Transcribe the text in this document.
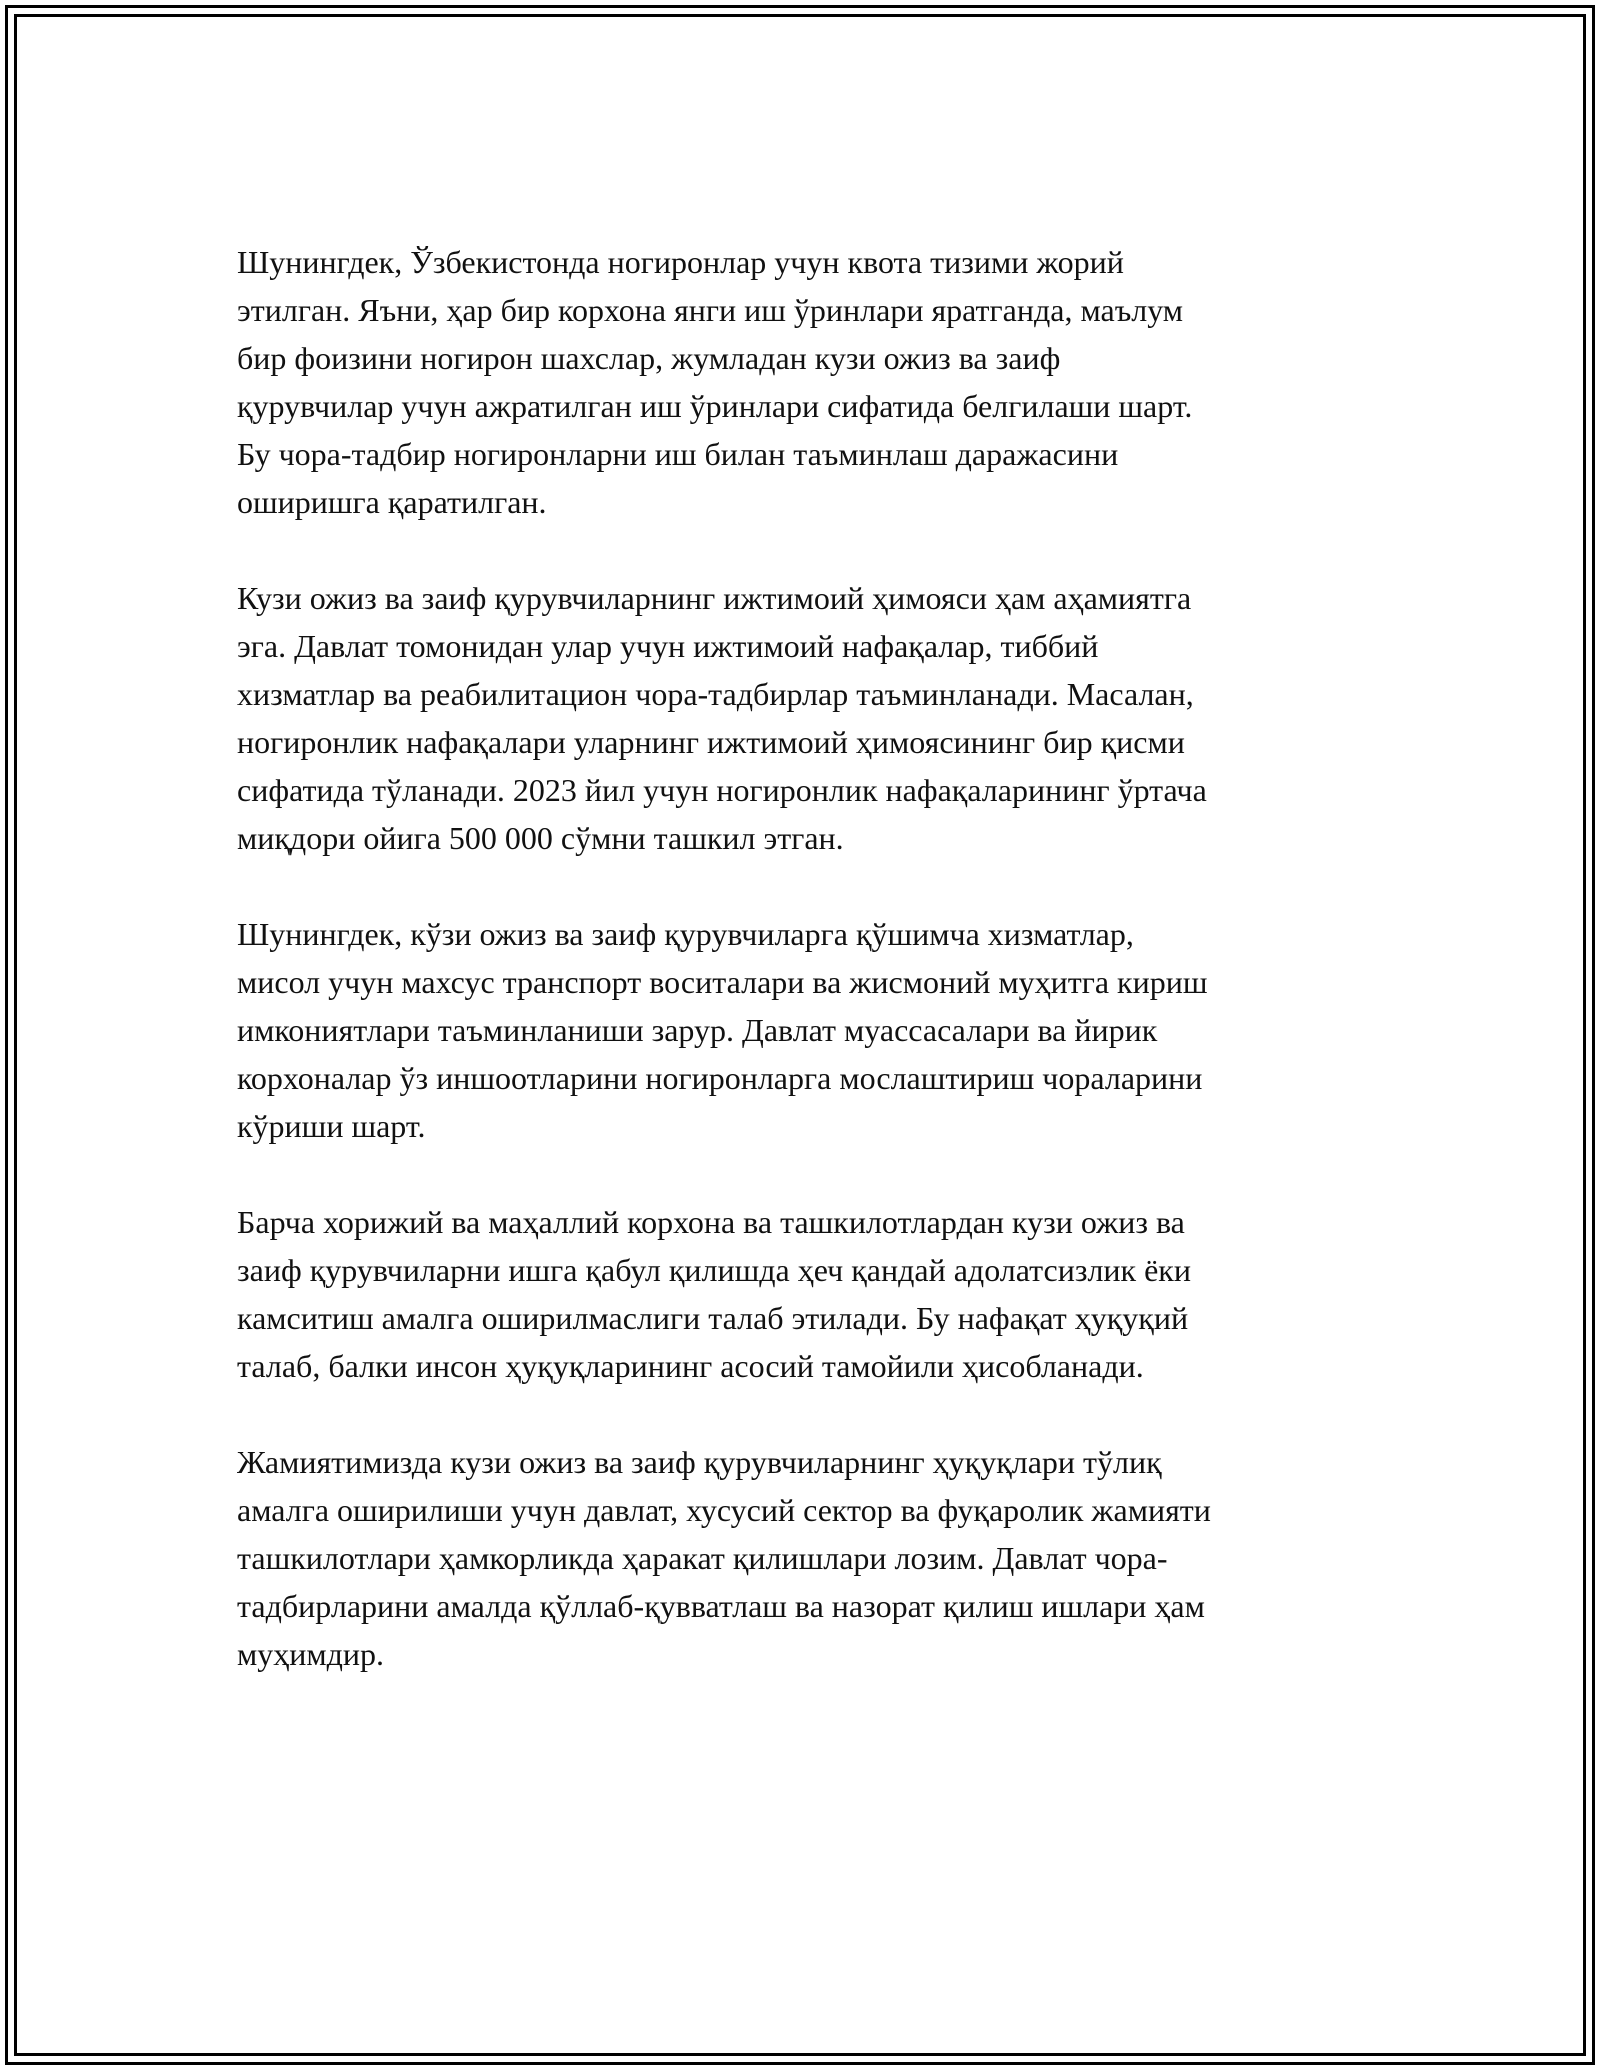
Шунингдек, Ўзбекистонда ногиронлар учун квота тизими жорий
этилган. Яъни, ҳар бир корхона янги иш ўринлари яратганда, маълум
бир фоизини ногирон шахслар, жумладан кузи ожиз ва заиф
қурувчилар учун ажратилган иш ўринлари сифатида белгилаши шарт.
Бу чора-тадбир ногиронларни иш билан таъминлаш даражасини
оширишга қаратилган.

Кузи ожиз ва заиф қурувчиларнинг ижтимоий ҳимояси ҳам аҳамиятга
эга. Давлат томонидан улар учун ижтимоий нафақалар, тиббий
хизматлар ва реабилитацион чора-тадбирлар таъминланади. Масалан,
ногиронлик нафақалари уларнинг ижтимоий ҳимоясининг бир қисми
сифатида тўланади. 2023 йил учун ногиронлик нафақаларининг ўртача
миқдори ойига 500 000 сўмни ташкил этган.

Шунингдек, кўзи ожиз ва заиф қурувчиларга қўшимча хизматлар,
мисол учун махсус транспорт воситалари ва жисмоний муҳитга кириш
имкониятлари таъминланиши зарур. Давлат муассасалари ва йирик
корхоналар ўз иншоотларини ногиронларга мослаштириш чораларини
кўриши шарт.

Барча хорижий ва маҳаллий корхона ва ташкилотлардан кузи ожиз ва
заиф қурувчиларни ишга қабул қилишда ҳеч қандай адолатсизлик ёки
камситиш амалга оширилмаслиги талаб этилади. Бу нафақат ҳуқуқий
талаб, балки инсон ҳуқуқларининг асосий тамойили ҳисобланади.

Жамиятимизда кузи ожиз ва заиф қурувчиларнинг ҳуқуқлари тўлиқ
амалга оширилиши учун давлат, хусусий сектор ва фуқаролик жамияти
ташкилотлари ҳамкорликда ҳаракат қилишлари лозим. Давлат чора-
тадбирларини амалда қўллаб-қувватлаш ва назорат қилиш ишлари ҳам
муҳимдир.
